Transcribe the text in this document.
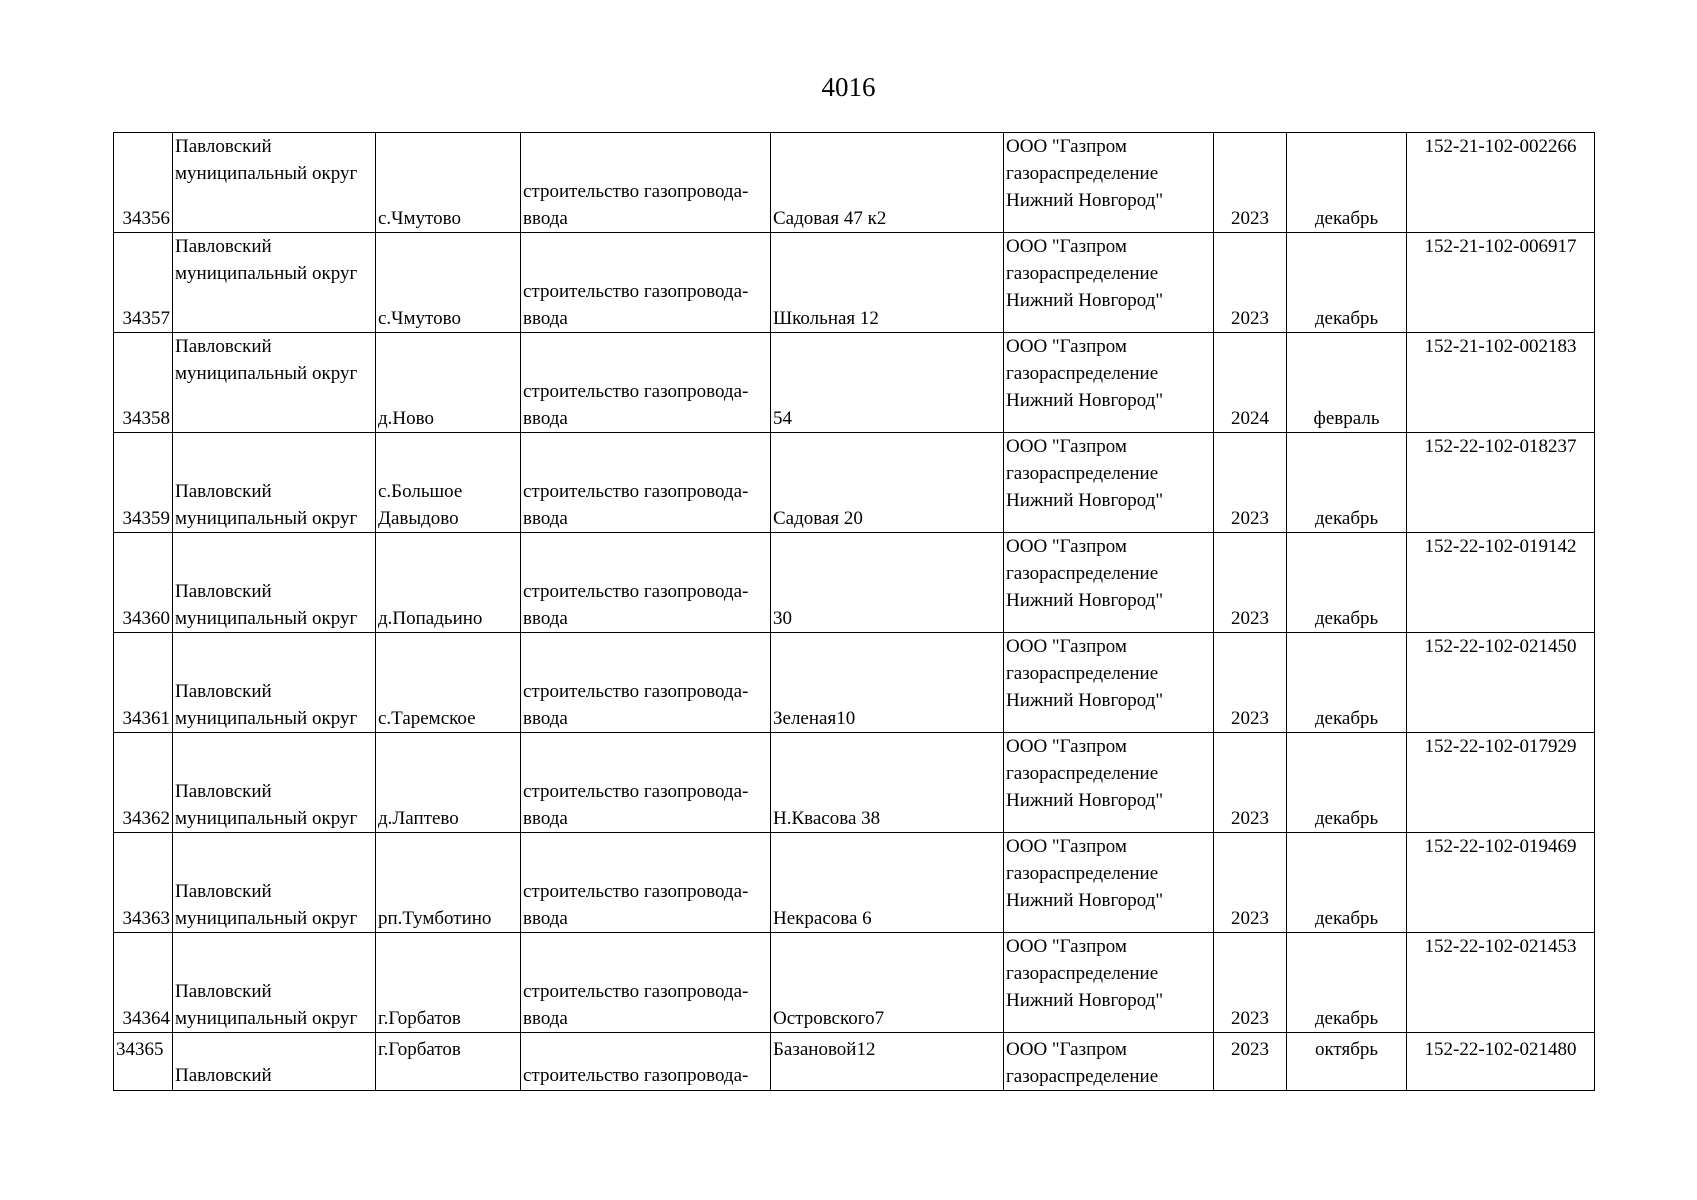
4016
34356	Павловский
муниципальный округ	с.Чмутово	строительство газопровода-
ввода	Садовая 47 к2	ООО "Газпром
газораспределение
Нижний Новгород"	2023	декабрь	152-21-102-002266

34357	Павловский
муниципальный округ	с.Чмутово	строительство газопровода-
ввода	Школьная 12	ООО "Газпром
газораспределение
Нижний Новгород"	2023	декабрь	152-21-102-006917

34358	Павловский
муниципальный округ	д.Ново	строительство газопровода-
ввода	54	ООО "Газпром
газораспределение
Нижний Новгород"	2024	февраль	152-21-102-002183

34359	Павловский
муниципальный округ	с.Большое
Давыдово	строительство газопровода-
ввода	Садовая 20	ООО "Газпром
газораспределение
Нижний Новгород"	2023	декабрь	152-22-102-018237

34360	Павловский
муниципальный округ	д.Попадьино	строительство газопровода-
ввода	30	ООО "Газпром
газораспределение
Нижний Новгород"	2023	декабрь	152-22-102-019142

34361	Павловский
муниципальный округ	с.Таремское	строительство газопровода-
ввода	Зеленая10	ООО "Газпром
газораспределение
Нижний Новгород"	2023	декабрь	152-22-102-021450

34362	Павловский
муниципальный округ	д.Лаптево	строительство газопровода-
ввода	Н.Квасова 38	ООО "Газпром
газораспределение
Нижний Новгород"	2023	декабрь	152-22-102-017929

34363	Павловский
муниципальный округ	рп.Тумботино	строительство газопровода-
ввода	Некрасова 6	ООО "Газпром
газораспределение
Нижний Новгород"	2023	декабрь	152-22-102-019469

34364	Павловский
муниципальный округ	г.Горбатов	строительство газопровода-
ввода	Островского7	ООО "Газпром
газораспределение
Нижний Новгород"	2023	декабрь	152-22-102-021453

34365	Павловский	г.Горбатов	строительство газопровода-	Базановой12	ООО "Газпром
газораспределение	2023	октябрь	152-22-102-021480
